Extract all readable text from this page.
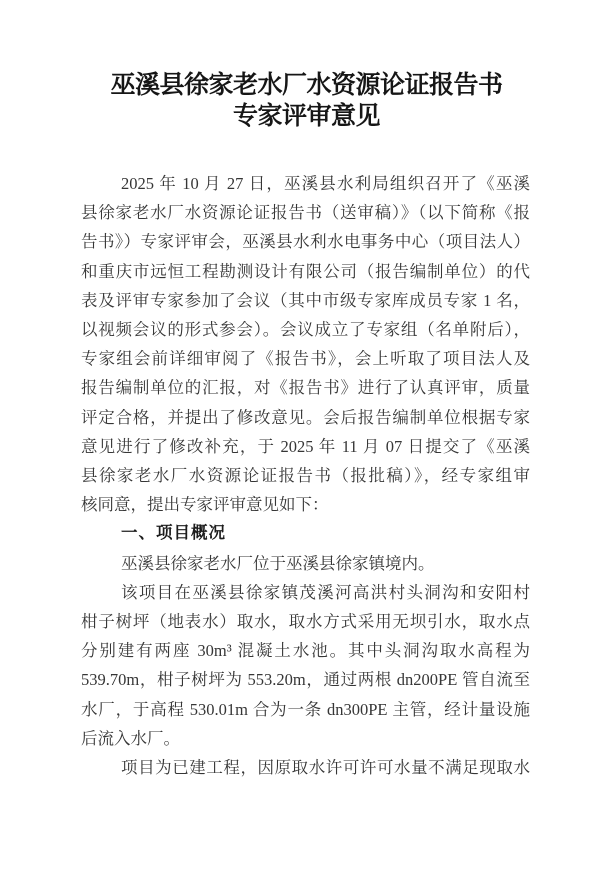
巫溪县徐家老水厂水资源论证报告书
专家评审意见
2025 年 10 月 27 日，巫溪县水利局组织召开了《巫溪
县徐家老水厂水资源论证报告书（送审稿）》（以下简称《报
告书》）专家评审会，巫溪县水利水电事务中心（项目法人）
和重庆市远恒工程勘测设计有限公司（报告编制单位）的代
表及评审专家参加了会议（其中市级专家库成员专家 1 名，
以视频会议的形式参会）。会议成立了专家组（名单附后），
专家组会前详细审阅了《报告书》，会上听取了项目法人及
报告编制单位的汇报，对《报告书》进行了认真评审，质量
评定合格，并提出了修改意见。会后报告编制单位根据专家
意见进行了修改补充，于 2025 年 11 月 07 日提交了《巫溪
县徐家老水厂水资源论证报告书（报批稿）》，经专家组审
核同意，提出专家评审意见如下：
一、项目概况
巫溪县徐家老水厂位于巫溪县徐家镇境内。
该项目在巫溪县徐家镇茂溪河高洪村头洞沟和安阳村
柑子树坪（地表水）取水，取水方式采用无坝引水，取水点
分别建有两座 30m³ 混凝土水池。其中头洞沟取水高程为
539.70m，柑子树坪为 553.20m，通过两根 dn200PE 管自流至
水厂，于高程 530.01m 合为一条 dn300PE 主管，经计量设施
后流入水厂。
项目为已建工程，因原取水许可许可水量不满足现取水
